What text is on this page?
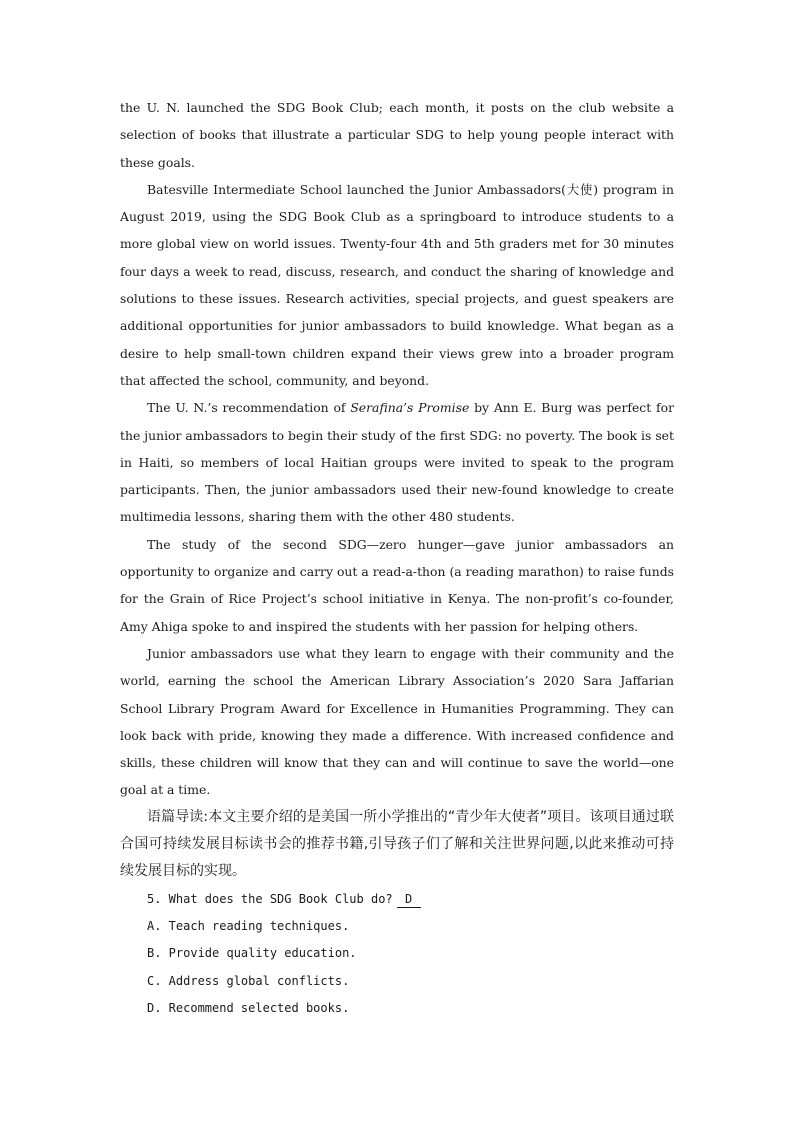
the U. N. launched the SDG Book Club; each month, it posts on the club website a selection of books that illustrate a particular SDG to help young people interact with these goals.

Batesville Intermediate School launched the Junior Ambassadors(大使) program in August 2019, using the SDG Book Club as a springboard to introduce students to a more global view on world issues. Twenty-four 4th and 5th graders met for 30 minutes four days a week to read, discuss, research, and conduct the sharing of knowledge and solutions to these issues. Research activities, special projects, and guest speakers are additional opportunities for junior ambassadors to build knowledge. What began as a desire to help small-town children expand their views grew into a broader program that affected the school, community, and beyond.

The U. N.’s recommendation of Serafina’s Promise by Ann E. Burg was perfect for the junior ambassadors to begin their study of the first SDG: no poverty. The book is set in Haiti, so members of local Haitian groups were invited to speak to the program participants. Then, the junior ambassadors used their new-found knowledge to create multimedia lessons, sharing them with the other 480 students.

The study of the second SDG—zero hunger—gave junior ambassadors an opportunity to organize and carry out a read-a-thon (a reading marathon) to raise funds for the Grain of Rice Project’s school initiative in Kenya. The non-profit’s co-founder, Amy Ahiga spoke to and inspired the students with her passion for helping others.

Junior ambassadors use what they learn to engage with their community and the world, earning the school the American Library Association’s 2020 Sara Jaffarian School Library Program Award for Excellence in Humanities Programming. They can look back with pride, knowing they made a difference. With increased confidence and skills, these children will know that they can and will continue to save the world—one goal at a time.

语篇导读:本文主要介绍的是美国一所小学推出的“青少年大使者”项目。该项目通过联合国可持续发展目标读书会的推荐书籍,引导孩子们了解和关注世界问题,以此来推动可持续发展目标的实现。

5. What does the SDG Book Club do? D

A. Teach reading techniques.

B. Provide quality education.

C. Address global conflicts.

D. Recommend selected books.
